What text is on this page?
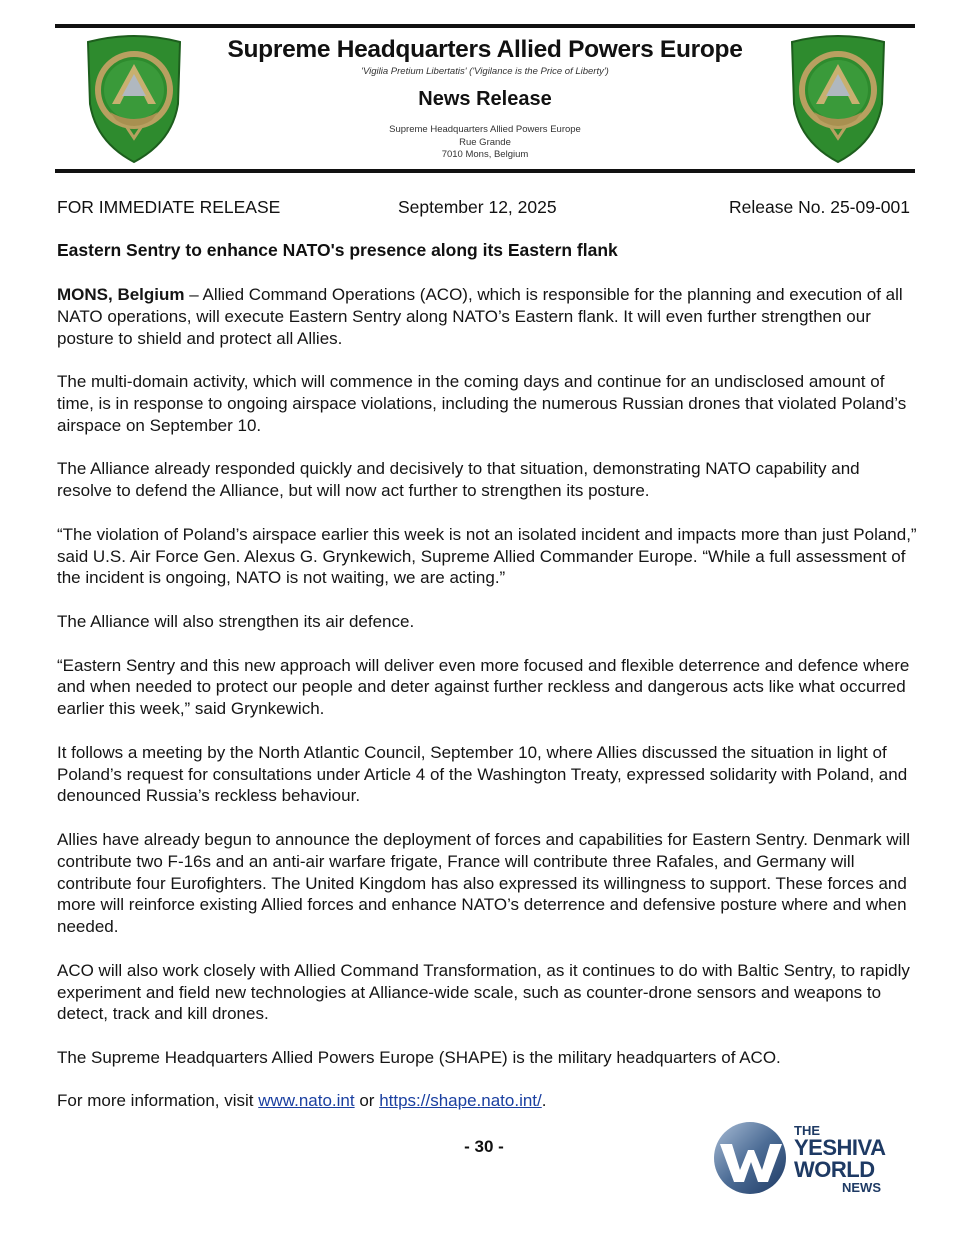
Supreme Headquarters Allied Powers Europe
'Vigilia Pretium Libertatis' ('Vigilance is the Price of Liberty')
News Release
Supreme Headquarters Allied Powers Europe
Rue Grande
7010 Mons, Belgium
FOR IMMEDIATE RELEASE	September 12, 2025	Release No. 25-09-001
Eastern Sentry to enhance NATO's presence along its Eastern flank

MONS, Belgium – Allied Command Operations (ACO), which is responsible for the planning and execution of all NATO operations, will execute Eastern Sentry along NATO’s Eastern flank. It will even further strengthen our posture to shield and protect all Allies.

The multi-domain activity, which will commence in the coming days and continue for an undisclosed amount of time, is in response to ongoing airspace violations, including the numerous Russian drones that violated Poland’s airspace on September 10.

The Alliance already responded quickly and decisively to that situation, demonstrating NATO capability and resolve to defend the Alliance, but will now act further to strengthen its posture.

“The violation of Poland’s airspace earlier this week is not an isolated incident and impacts more than just Poland,” said U.S. Air Force Gen. Alexus G. Grynkewich, Supreme Allied Commander Europe. “While a full assessment of the incident is ongoing, NATO is not waiting, we are acting.”

The Alliance will also strengthen its air defence.

“Eastern Sentry and this new approach will deliver even more focused and flexible deterrence and defence where and when needed to protect our people and deter against further reckless and dangerous acts like what occurred earlier this week,” said Grynkewich.

It follows a meeting by the North Atlantic Council, September 10, where Allies discussed the situation in light of Poland’s request for consultations under Article 4 of the Washington Treaty, expressed solidarity with Poland, and denounced Russia’s reckless behaviour.

Allies have already begun to announce the deployment of forces and capabilities for Eastern Sentry. Denmark will contribute two F-16s and an anti-air warfare frigate, France will contribute three Rafales, and Germany will contribute four Eurofighters. The United Kingdom has also expressed its willingness to support. These forces and more will reinforce existing Allied forces and enhance NATO’s deterrence and defensive posture where and when needed.

ACO will also work closely with Allied Command Transformation, as it continues to do with Baltic Sentry, to rapidly experiment and field new technologies at Alliance-wide scale, such as counter-drone sensors and weapons to detect, track and kill drones.

The Supreme Headquarters Allied Powers Europe (SHAPE) is the military headquarters of ACO.

For more information, visit www.nato.int or https://shape.nato.int/.

- 30 -
THE
YESHIVA
WORLD
NEWS
